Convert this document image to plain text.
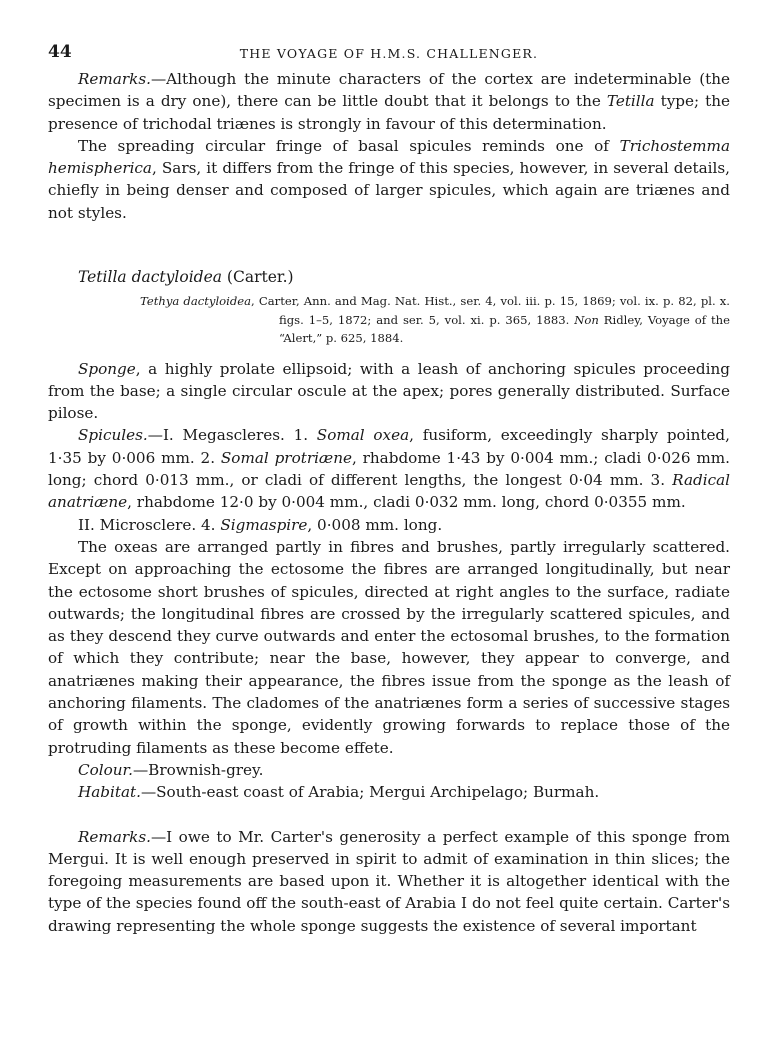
44	THE VOYAGE OF H.M.S. CHALLENGER.

Remarks.—Although the minute characters of the cortex are indeterminable (the specimen is a dry one), there can be little doubt that it belongs to the Tetilla type; the presence of trichodal triænes is strongly in favour of this determination.

The spreading circular fringe of basal spicules reminds one of Trichostemma hemispherica, Sars, it differs from the fringe of this species, however, in several details, chiefly in being denser and composed of larger spicules, which again are triænes and not styles.

Tetilla dactyloidea (Carter.)

Tethya dactyloidea, Carter, Ann. and Mag. Nat. Hist., ser. 4, vol. iii. p. 15, 1869; vol. ix. p. 82, pl. x. figs. 1–5, 1872; and ser. 5, vol. xi. p. 365, 1883. Non Ridley, Voyage of the “Alert,” p. 625, 1884.

Sponge, a highly prolate ellipsoid; with a leash of anchoring spicules proceeding from the base; a single circular oscule at the apex; pores generally distributed. Surface pilose.

Spicules.—I. Megascleres. 1. Somal oxea, fusiform, exceedingly sharply pointed, 1·35 by 0·006 mm. 2. Somal protriæne, rhabdome 1·43 by 0·004 mm.; cladi 0·026 mm. long; chord 0·013 mm., or cladi of different lengths, the longest 0·04 mm. 3. Radical anatriæne, rhabdome 12·0 by 0·004 mm., cladi 0·032 mm. long, chord 0·0355 mm.

II. Microsclere. 4. Sigmaspire, 0·008 mm. long.

The oxeas are arranged partly in fibres and brushes, partly irregularly scattered. Except on approaching the ectosome the fibres are arranged longitudinally, but near the ectosome short brushes of spicules, directed at right angles to the surface, radiate outwards; the longitudinal fibres are crossed by the irregularly scattered spicules, and as they descend they curve outwards and enter the ectosomal brushes, to the formation of which they contribute; near the base, however, they appear to converge, and anatriænes making their appearance, the fibres issue from the sponge as the leash of anchoring filaments. The cladomes of the anatriænes form a series of successive stages of growth within the sponge, evidently growing forwards to replace those of the protruding filaments as these become effete.

Colour.—Brownish-grey.

Habitat.—South-east coast of Arabia; Mergui Archipelago; Burmah.

Remarks.—I owe to Mr. Carter's generosity a perfect example of this sponge from Mergui. It is well enough preserved in spirit to admit of examination in thin slices; the foregoing measurements are based upon it. Whether it is altogether identical with the type of the species found off the south-east of Arabia I do not feel quite certain. Carter's drawing representing the whole sponge suggests the existence of several important
